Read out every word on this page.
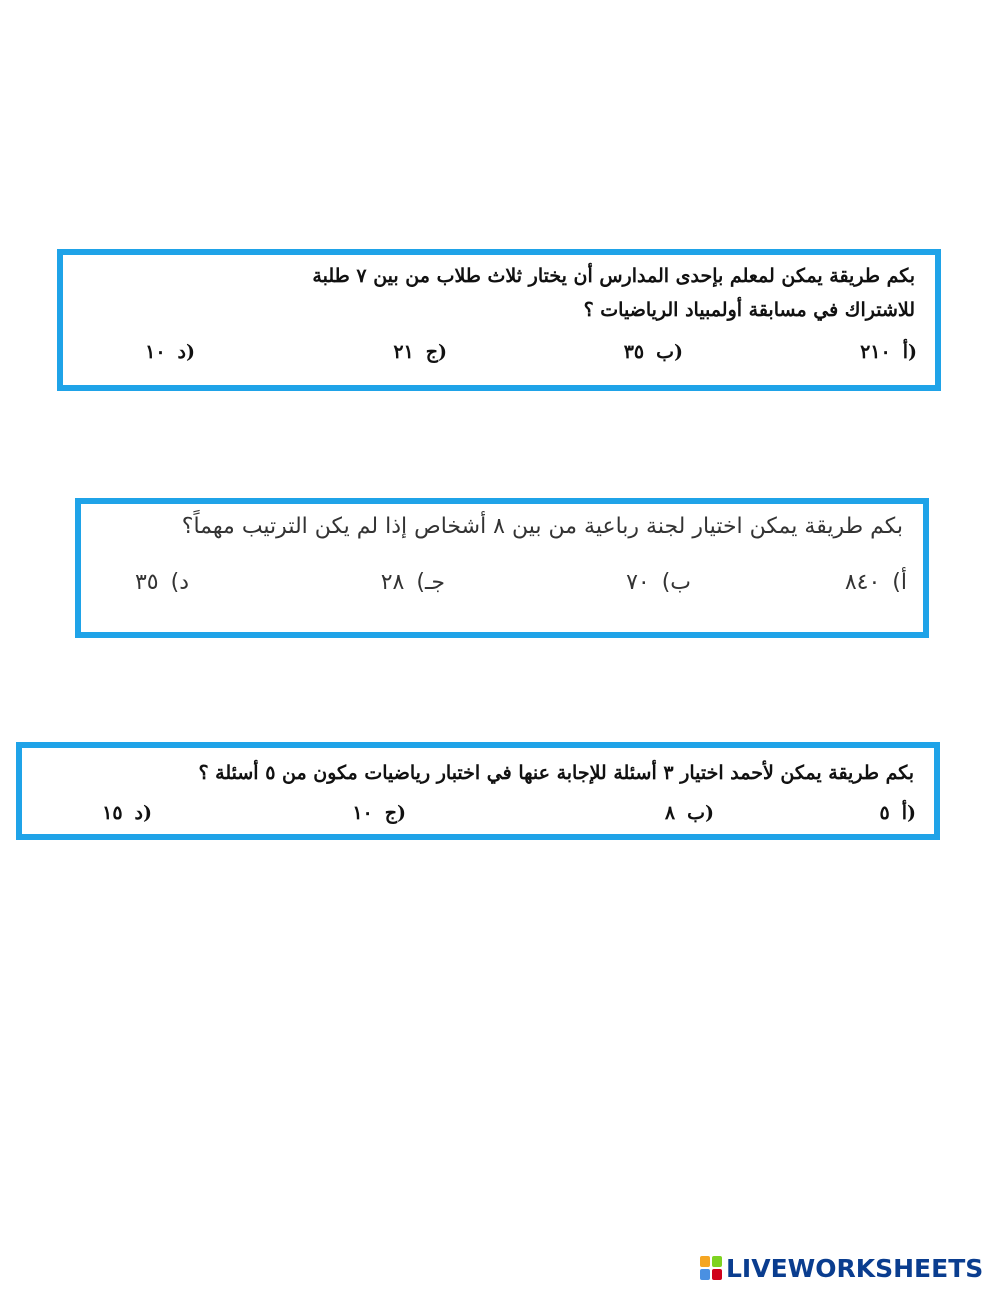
بكم طريقة يمكن لمعلم بإحدى المدارس أن يختار ثلاث طلاب من بين ٧ طلبة
للاشتراك في مسابقة أولمبياد الرياضيات ؟
(أ٢١٠
(ب٣٥
(ج٢١
(د١٠
بكم طريقة يمكن اختيار لجنة رباعية من بين ٨ أشخاص إذا لم يكن الترتيب مهماً؟
أ)٨٤٠
ب)٧٠
جـ)٢٨
د)٣٥
بكم طريقة يمكن لأحمد اختيار ٣ أسئلة للإجابة عنها في اختبار رياضيات مكون من ٥ أسئلة ؟
(أ٥
(ب٨
(ج١٠
(د١٥
LIVEWORKSHEETS
